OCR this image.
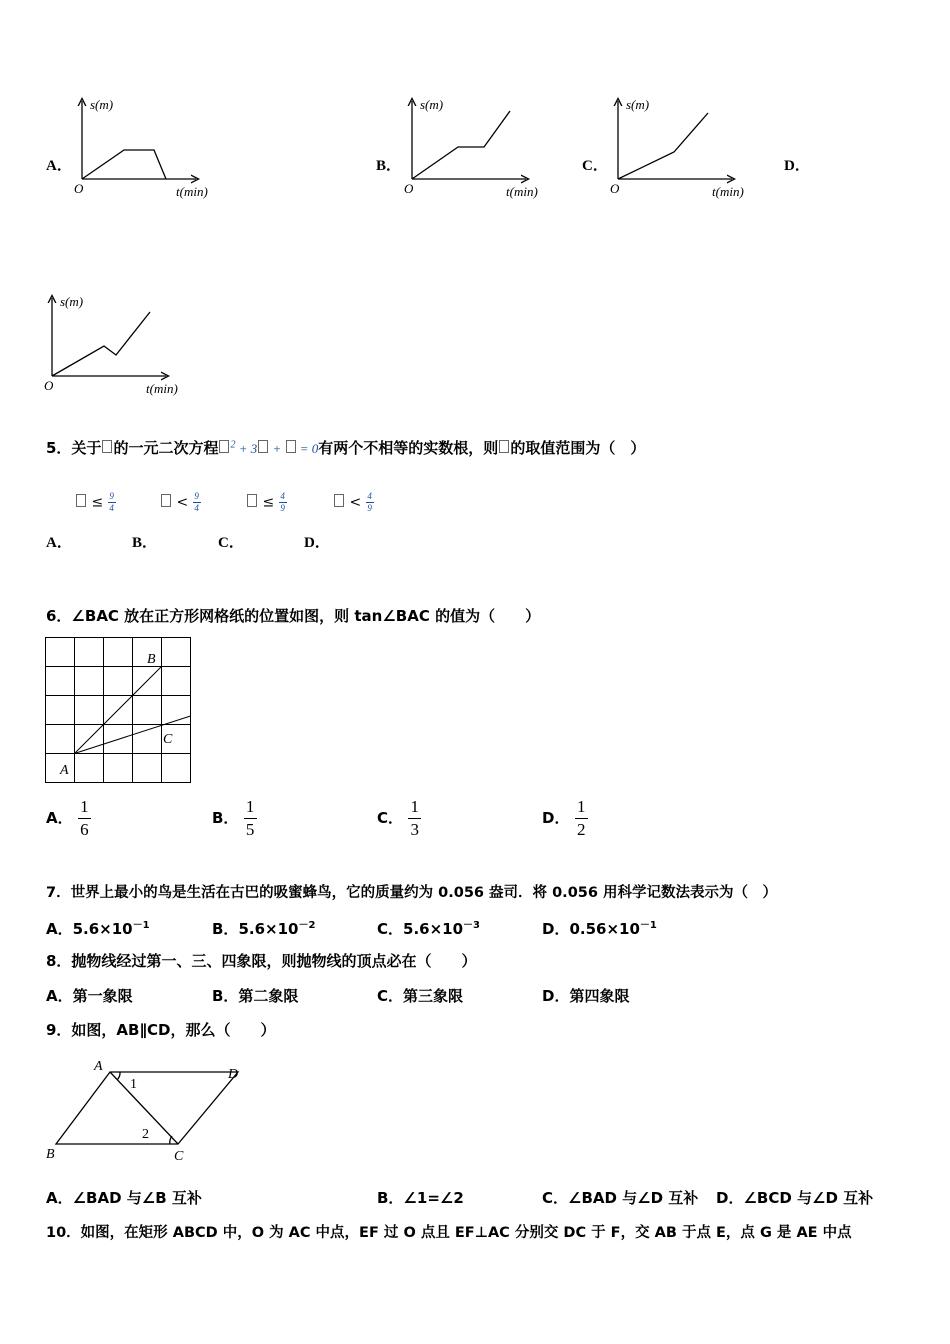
A．	B．	C．	D．
s(m)
O	t(min)
s(m)
O	t(min)
s(m)
O	t(min)
s(m)
O	t(min)
5．关于 的一元二次方程 $^2$ + 3 + = 0有两个不相等的实数根，则 的取值范围为（　）
≤ $\frac{9}{4}$	< $\frac{9}{4}$	≤ $\frac{4}{9}$	< $\frac{4}{9}$
A．	B．	C．	D．
6．∠BAC 放在正方形网格纸的位置如图，则 tan∠BAC 的值为（　　）
A
B
C
A． $\frac{1}{6}$	B． $\frac{1}{5}$	C． $\frac{1}{3}$	D． $\frac{1}{2}$
7．世界上最小的鸟是生活在古巴的吸蜜蜂鸟，它的质量约为 0.056 盎司．将 0.056 用科学记数法表示为（　）
A．$5.6\times 10^{-1}$	B．$5.6\times 10^{-2}$	C．$5.6\times 10^{-3}$	D．$0.56\times 10^{-1}$
8．抛物线经过第一、三、四象限，则抛物线的顶点必在（　　）
A．第一象限	B．第二象限	C．第三象限	D．第四象限
9．如图，AB∥CD，那么（　　）
A
B	C
D
1
2
A．∠BAD 与∠B 互补	B．∠1=∠2	C．∠BAD 与∠D 互补 D．∠BCD 与∠D 互补
10．如图，在矩形 ABCD 中，O 为 AC 中点，EF 过 O 点且 EF⊥AC 分别交 DC 于 F，交 AB 于点 E，点 G 是 AE 中点
